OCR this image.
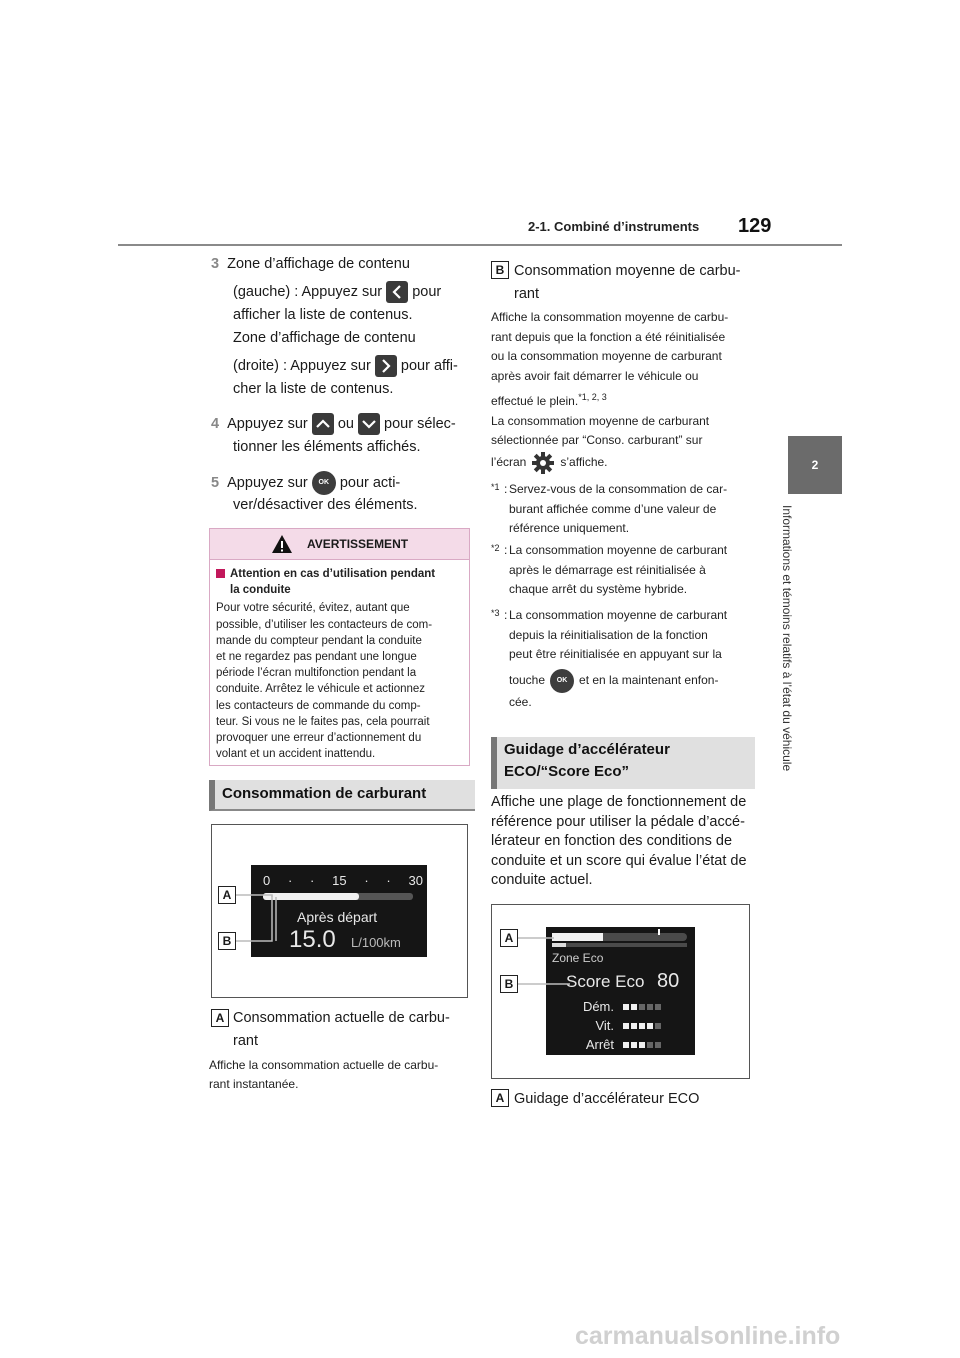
2-1. Combiné d’instruments 129
2
Informations et témoins relatifs à l’état du véhicule
3 Zone d’affichage de contenu
(gauche) : Appuyez sur pour
afficher la liste de contenus.
Zone d’affichage de contenu
(droite) : Appuyez sur pour affi-
cher la liste de contenus.
4 Appuyez sur ou pour sélec-
tionner les éléments affichés.
5 Appuyez sur OK pour acti-
ver/désactiver des éléments.
AVERTISSEMENT
Attention en cas d’utilisation pendant
la conduite
Pour votre sécurité, évitez, autant que
possible, d’utiliser les contacteurs de com-
mande du compteur pendant la conduite
et ne regardez pas pendant une longue
période l’écran multifonction pendant la
conduite. Arrêtez le véhicule et actionnez
les contacteurs de commande du comp-
teur. Si vous ne le faites pas, cela pourrait
provoquer une erreur d’actionnement du
volant et un accident inattendu.
Consommation de carburant
0 · · 15 · · 30
Après départ
15.0 L/100km
A
B
A Consommation actuelle de carbu-
rant
Affiche la consommation actuelle de carbu-
rant instantanée.
B Consommation moyenne de carbu-
rant
Affiche la consommation moyenne de carbu-
rant depuis que la fonction a été réinitialisée
ou la consommation moyenne de carburant
après avoir fait démarrer le véhicule ou
effectué le plein.$^{*1, 2, 3}$
La consommation moyenne de carburant
sélectionnée par “Conso. carburant” sur
l’écran	s’affiche.
*1 : Servez-vous de la consommation de car-
burant affichée comme d’une valeur de
référence uniquement.
*2 : La consommation moyenne de carburant
après le démarrage est réinitialisée à
chaque arrêt du système hybride.
*3 : La consommation moyenne de carburant
depuis la réinitialisation de la fonction
peut être réinitialisée en appuyant sur la
touche	OK et en la maintenant enfon-
cée.
Guidage d’accélérateur
ECO/“Score Eco”
Affiche une plage de fonctionnement de
référence pour utiliser la pédale d’accé-
lérateur en fonction des conditions de
conduite et un score qui évalue l’état de
conduite actuel.
Zone Eco
Score Eco 80
Dém.
Vit.
Arrêt
A
B
A Guidage d’accélérateur ECO
carmanualsonline.info
